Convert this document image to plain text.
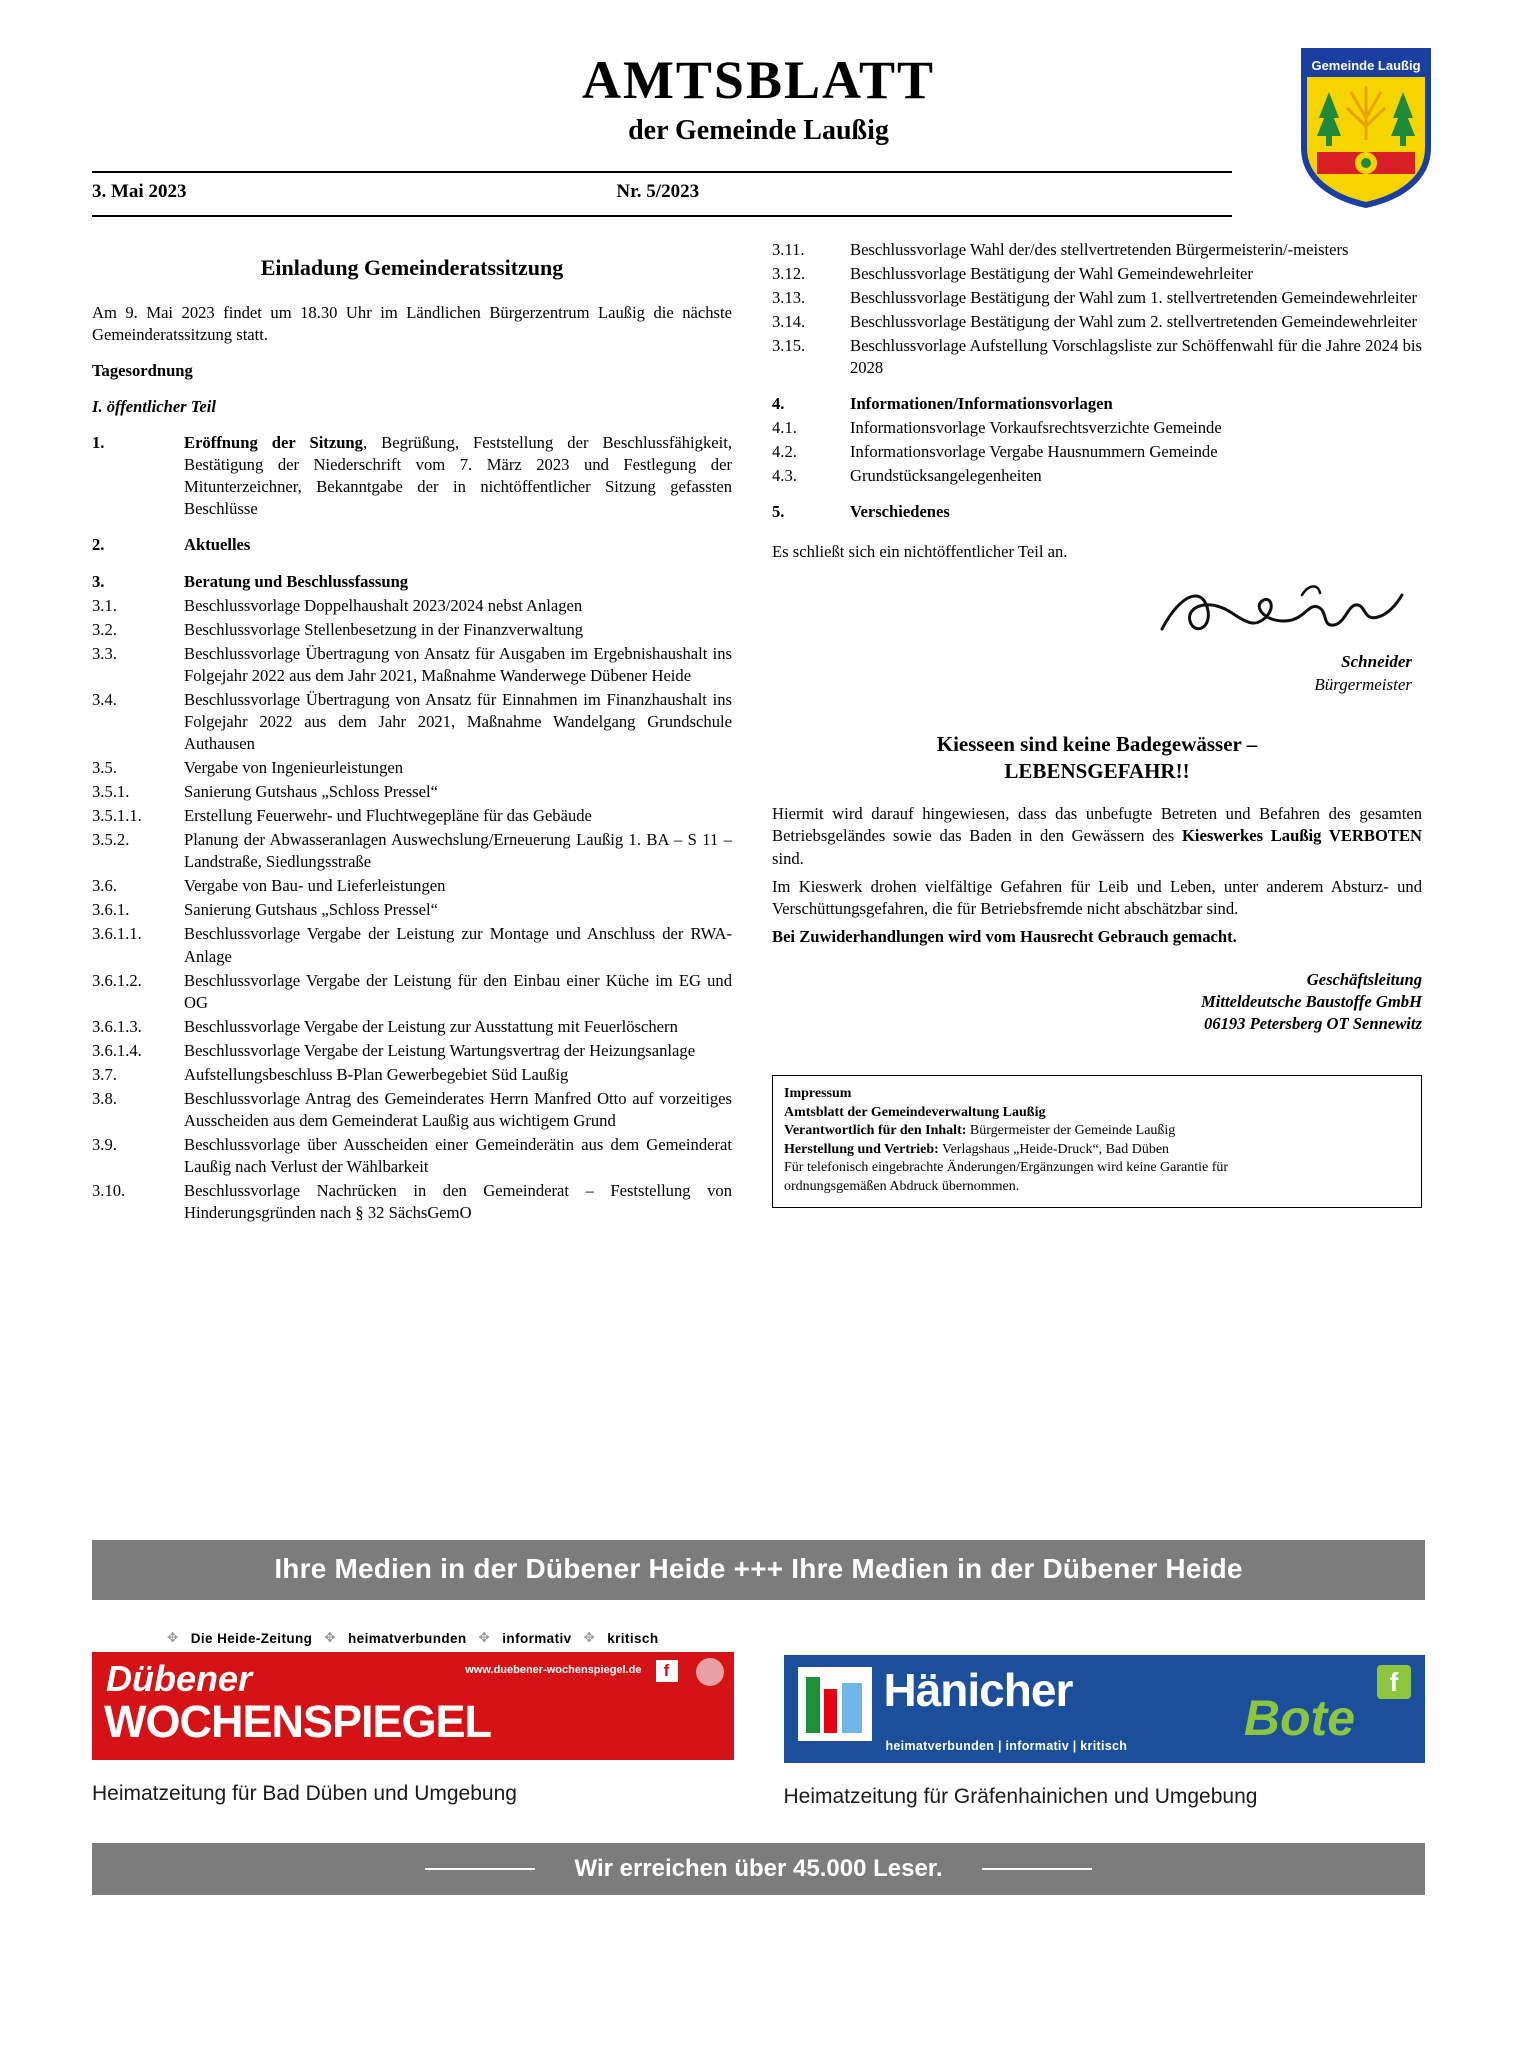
AMTSBLATT
der Gemeinde Laußig
Gemeinde Laußig
3. Mai 2023	Nr. 5/2023
Einladung Gemeinderatssitzung

Am 9. Mai 2023 findet um 18.30 Uhr im Ländlichen Bürgerzentrum Laußig die nächste Gemeinderatssitzung statt.

Tagesordnung

I. öffentlicher Teil

1.	Eröffnung der Sitzung, Begrüßung, Feststellung der Beschlussfähigkeit, Bestätigung der Niederschrift vom 7. März 2023 und Festlegung der Mitunterzeichner, Bekanntgabe der in nichtöffentlicher Sitzung gefassten Beschlüsse
2.	Aktuelles
3.	Beratung und Beschlussfassung
3.1.	Beschlussvorlage Doppelhaushalt 2023/2024 nebst Anlagen
3.2.	Beschlussvorlage Stellenbesetzung in der Finanzverwaltung
3.3.	Beschlussvorlage Übertragung von Ansatz für Ausgaben im Ergebnishaushalt ins Folgejahr 2022 aus dem Jahr 2021, Maßnahme Wanderwege Dübener Heide
3.4.	Beschlussvorlage Übertragung von Ansatz für Einnahmen im Finanzhaushalt ins Folgejahr 2022 aus dem Jahr 2021, Maßnahme Wandelgang Grundschule Authausen
3.5.	Vergabe von Ingenieurleistungen
3.5.1.	Sanierung Gutshaus „Schloss Pressel“
3.5.1.1.	Erstellung Feuerwehr- und Fluchtwegepläne für das Gebäude
3.5.2.	Planung der Abwasseranlagen Auswechslung/Erneuerung Laußig 1. BA – S 11 – Landstraße, Siedlungsstraße
3.6.	Vergabe von Bau- und Lieferleistungen
3.6.1.	Sanierung Gutshaus „Schloss Pressel“
3.6.1.1.	Beschlussvorlage Vergabe der Leistung zur Montage und Anschluss der RWA-Anlage
3.6.1.2.	Beschlussvorlage Vergabe der Leistung für den Einbau einer Küche im EG und OG
3.6.1.3.	Beschlussvorlage Vergabe der Leistung zur Ausstattung mit Feuerlöschern
3.6.1.4.	Beschlussvorlage Vergabe der Leistung Wartungsvertrag der Heizungsanlage
3.7.	Aufstellungsbeschluss B-Plan Gewerbegebiet Süd Laußig
3.8.	Beschlussvorlage Antrag des Gemeinderates Herrn Manfred Otto auf vorzeitiges Ausscheiden aus dem Gemeinderat Laußig aus wichtigem Grund
3.9.	Beschlussvorlage über Ausscheiden einer Gemeinderätin aus dem Gemeinderat Laußig nach Verlust der Wählbarkeit
3.10.	Beschlussvorlage Nachrücken in den Gemeinderat – Feststellung von Hinderungsgründen nach § 32 SächsGemO
3.11.	Beschlussvorlage Wahl der/des stellvertretenden Bürgermeisterin/-meisters
3.12.	Beschlussvorlage Bestätigung der Wahl Gemeindewehrleiter
3.13.	Beschlussvorlage Bestätigung der Wahl zum 1. stellvertretenden Gemeindewehrleiter
3.14.	Beschlussvorlage Bestätigung der Wahl zum 2. stellvertretenden Gemeindewehrleiter
3.15.	Beschlussvorlage Aufstellung Vorschlagsliste zur Schöffenwahl für die Jahre 2024 bis 2028
4.	Informationen/Informationsvorlagen
4.1.	Informationsvorlage Vorkaufsrechtsverzichte Gemeinde
4.2.	Informationsvorlage Vergabe Hausnummern Gemeinde
4.3.	Grundstücksangelegenheiten
5.	Verschiedenes

Es schließt sich ein nichtöffentlicher Teil an.

Schneider
Bürgermeister
Kiesseen sind keine Badegewässer –
LEBENSGEFAHR!!

Hiermit wird darauf hingewiesen, dass das unbefugte Betreten und Befahren des gesamten Betriebsgeländes sowie das Baden in den Gewässern des Kieswerkes Laußig VERBOTEN sind.

Im Kieswerk drohen vielfältige Gefahren für Leib und Leben, unter anderem Absturz- und Verschüttungsgefahren, die für Betriebsfremde nicht abschätzbar sind.

Bei Zuwiderhandlungen wird vom Hausrecht Gebrauch gemacht.

Geschäftsleitung
Mitteldeutsche Baustoffe GmbH
06193 Petersberg OT Sennewitz
Impressum
Amtsblatt der Gemeindeverwaltung Laußig
Verantwortlich für den Inhalt: Bürgermeister der Gemeinde Laußig
Herstellung und Vertrieb: Verlagshaus „Heide-Druck“, Bad Düben
Für telefonisch eingebrachte Änderungen/Ergänzungen wird keine Garantie für
ordnungsgemäßen Abdruck übernommen.
Ihre Medien in der Dübener Heide +++ Ihre Medien in der Dübener Heide
✥ Die Heide-Zeitung ✥ heimatverbunden ✥ informativ ✥ kritisch
Dübener
WOCHENSPIEGEL
www.duebener-wochenspiegel.de	f
Heimatzeitung für Bad Düben und Umgebung
Hänicher	Bote
heimatverbunden | informativ | kritisch
f
Heimatzeitung für Gräfenhainichen und Umgebung
Wir erreichen über 45.000 Leser.
